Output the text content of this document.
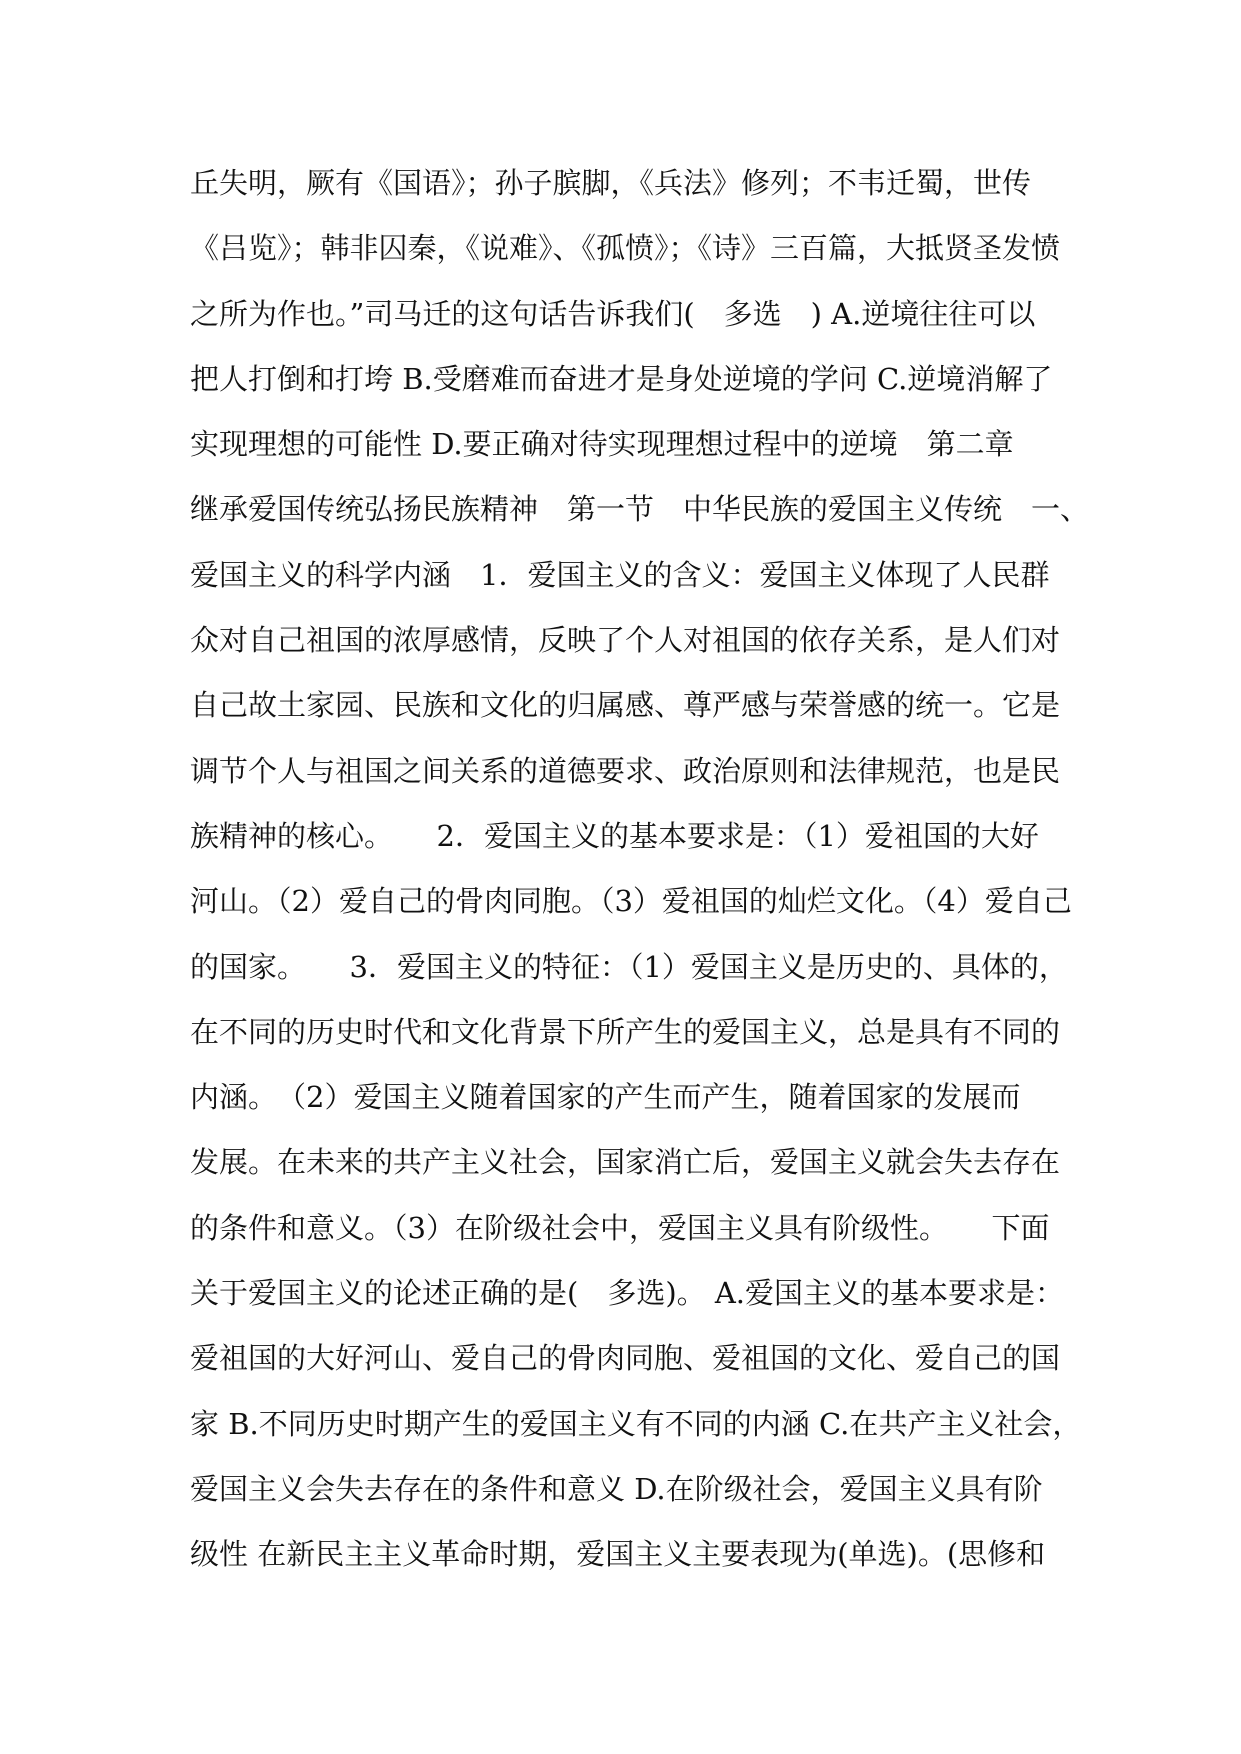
丘失明，厥有《国语》；孙子膑脚，《兵法》修列；不韦迁蜀，世传
《吕览》；韩非囚秦，《说难》、《孤愤》；《诗》三百篇，大抵贤圣发愤
之所为作也。”司马迁的这句话告诉我们(　多选　) A.逆境往往可以
把人打倒和打垮 B.受磨难而奋进才是身处逆境的学问 C.逆境消解了
实现理想的可能性 D.要正确对待实现理想过程中的逆境　第二章
继承爱国传统弘扬民族精神　第一节　中华民族的爱国主义传统　一、
爱国主义的科学内涵　1．爱国主义的含义：爱国主义体现了人民群
众对自己祖国的浓厚感情，反映了个人对祖国的依存关系，是人们对
自己故土家园、民族和文化的归属感、尊严感与荣誉感的统一。它是
调节个人与祖国之间关系的道德要求、政治原则和法律规范，也是民
族精神的核心。　　2．爱国主义的基本要求是：（1）爱祖国的大好
河山。（2）爱自己的骨肉同胞。（3）爱祖国的灿烂文化。（4）爱自己
的国家。　　3．爱国主义的特征：（1）爱国主义是历史的、具体的，
在不同的历史时代和文化背景下所产生的爱国主义，总是具有不同的
内涵。　（2）爱国主义随着国家的产生而产生，随着国家的发展而
发展。在未来的共产主义社会，国家消亡后，爱国主义就会失去存在
的条件和意义。（3）在阶级社会中，爱国主义具有阶级性。　　下面
关于爱国主义的论述正确的是(　多选)。 A.爱国主义的基本要求是：
爱祖国的大好河山、爱自己的骨肉同胞、爱祖国的文化、爱自己的国
家 B.不同历史时期产生的爱国主义有不同的内涵 C.在共产主义社会，
爱国主义会失去存在的条件和意义 D.在阶级社会，爱国主义具有阶
级性 在新民主主义革命时期，爱国主义主要表现为(单选)。(思修和
